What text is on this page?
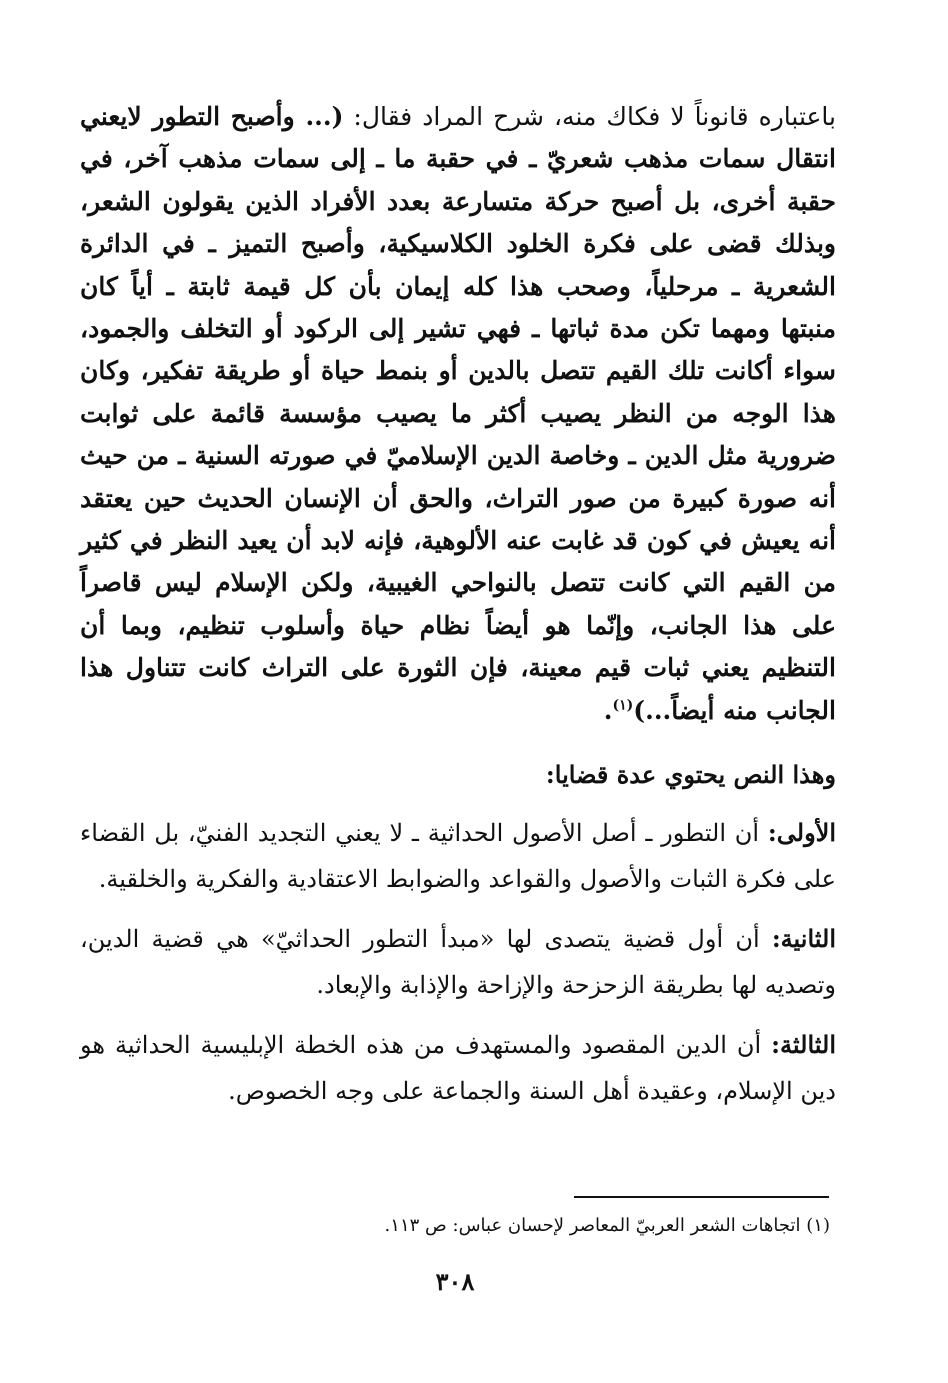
باعتباره قانوناً لا فكاك منه، شرح المراد فقال: (... وأصبح التطور لايعني انتقال سمات مذهب شعريّ ـ في حقبة ما ـ إلى سمات مذهب آخر، في حقبة أخرى، بل أصبح حركة متسارعة بعدد الأفراد الذين يقولون الشعر، وبذلك قضى على فكرة الخلود الكلاسيكية، وأصبح التميز ـ في الدائرة الشعرية ـ مرحلياً، وصحب هذا كله إيمان بأن كل قيمة ثابتة ـ أياً كان منبتها ومهما تكن مدة ثباتها ـ فهي تشير إلى الركود أو التخلف والجمود، سواء أكانت تلك القيم تتصل بالدين أو بنمط حياة أو طريقة تفكير، وكان هذا الوجه من النظر يصيب أكثر ما يصيب مؤسسة قائمة على ثوابت ضرورية مثل الدين ـ وخاصة الدين الإسلاميّ في صورته السنية ـ من حيث أنه صورة كبيرة من صور التراث، والحق أن الإنسان الحديث حين يعتقد أنه يعيش في كون قد غابت عنه الألوهية، فإنه لابد أن يعيد النظر في كثير من القيم التي كانت تتصل بالنواحي الغيبية، ولكن الإسلام ليس قاصراً على هذا الجانب، وإنّما هو أيضاً نظام حياة وأسلوب تنظيم، وبما أن التنظيم يعني ثبات قيم معينة، فإن الثورة على التراث كانت تتناول هذا الجانب منه أيضاً...)$^{(١)}$.

وهذا النص يحتوي عدة قضايا:

الأولى: أن التطور ـ أصل الأصول الحداثية ـ لا يعني التجديد الفنيّ، بل القضاء على فكرة الثبات والأصول والقواعد والضوابط الاعتقادية والفكرية والخلقية.

الثانية: أن أول قضية يتصدى لها «مبدأ التطور الحداثيّ» هي قضية الدين، وتصديه لها بطريقة الزحزحة والإزاحة والإذابة والإبعاد.

الثالثة: أن الدين المقصود والمستهدف من هذه الخطة الإبليسية الحداثية هو دين الإسلام، وعقيدة أهل السنة والجماعة على وجه الخصوص.

(١) اتجاهات الشعر العربيّ المعاصر لإحسان عباس: ص ١١٣.

٣٠٨
